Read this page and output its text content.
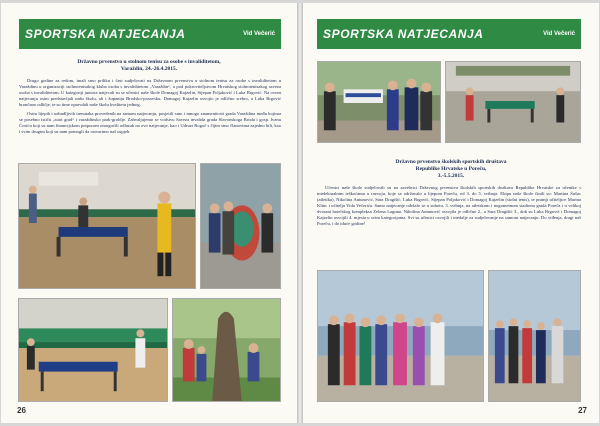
SPORTSKA NATJECANJA	Vid Večerić
Državno prvenstvo u stolnom tenisu za osobe s invaliditetom,
Varaždin, 24.-26.4.2015.

Drugo godine za redom, imali smo priliku i čast sudjelovati na Državnom prvenstvu u stolnom tenisu za osobe s invaliditetom u Varaždinu u organizaciji stolnotenisakog kluba osoba s invaliditetom „Varaždin“, a pod pokroviteljstvom Hrvatskog stolnotenisakog saveza osoba s invaliditetom. U kategoriji juniora natjecali su se učenici naše škole Domagoj Kajzelin, Stjepan Poljaković i Luka Brgović. Na ovom natjecanju osim predstavljali našu školu, ali i županiju Brodsko-posavsku. Domagoj Kajzelin osvojio je odlično srebro, a Luka Brgović brončano odličje, te su time opravdali naše školu kvalitetu jednog.

Osim lijepih i uzbudljivih trenutaka provedenih na samom natjecanju, posjetili smo i mnogo znamenitosti grada Varaždina među kojima se posebno ističu „stari grad“ i varaždinsko park-groblje. Zahvaljujemo se vodstvu Saveza invalida grada Slavonskoga Broda i gosp. Ivanu Ćosiću koji su nam financijskom potporom omogućili odlazak na ovo natjecanje, kao i Udruzi Rogoč s čijim smo članovima zajedno bili, kao i svim drugim koji su nam pomogli da ostvarimo naš uspjeh.

26
SPORTSKA NATJECANJA	Vid Večerić
Državno prvenstvo školskih sportskih društava
Republike Hrvatske u Poreču,
3.-5.5.2015.

Učenici naše škole sudjelovali su na završnici Državnog prvenstva školskih sportskih društava Republike Hrvatske za učenike s intelektualnim teškoćama u razvoju, koje se održavalo u lijepom Poreču, od 3. do 5. svibnja. Ekipu naše škole činili su: Martina Šušac (atletika), Nikolina Antunović, Sara Dragišić, Luka Brgović, Stjepan Poljaković i Domagoj Kajzelin (stolni tenis), te pratnji učiteljice Marina Klinc i učitelja Vida Večerića. Samo natjecanje održalo se u subotu, 3. svibnja, na atletskom i nogometnom stadionu grada Poreča i u velikoj dvorani hotelskog kompleksa Zelena Laguna. Nikolina Antunović osvojila je odlično 2., a Sara Dragišić 3., dok su Luka Brgović i Domagoj Kajzelin osvojili 4. mjesta u svim kategorijama. Svi su učenici osvojili i medalje za sudjelovanje na samom natjecanju. Do viđenja, dragi naš Poreču, i do iduće godine!

27
